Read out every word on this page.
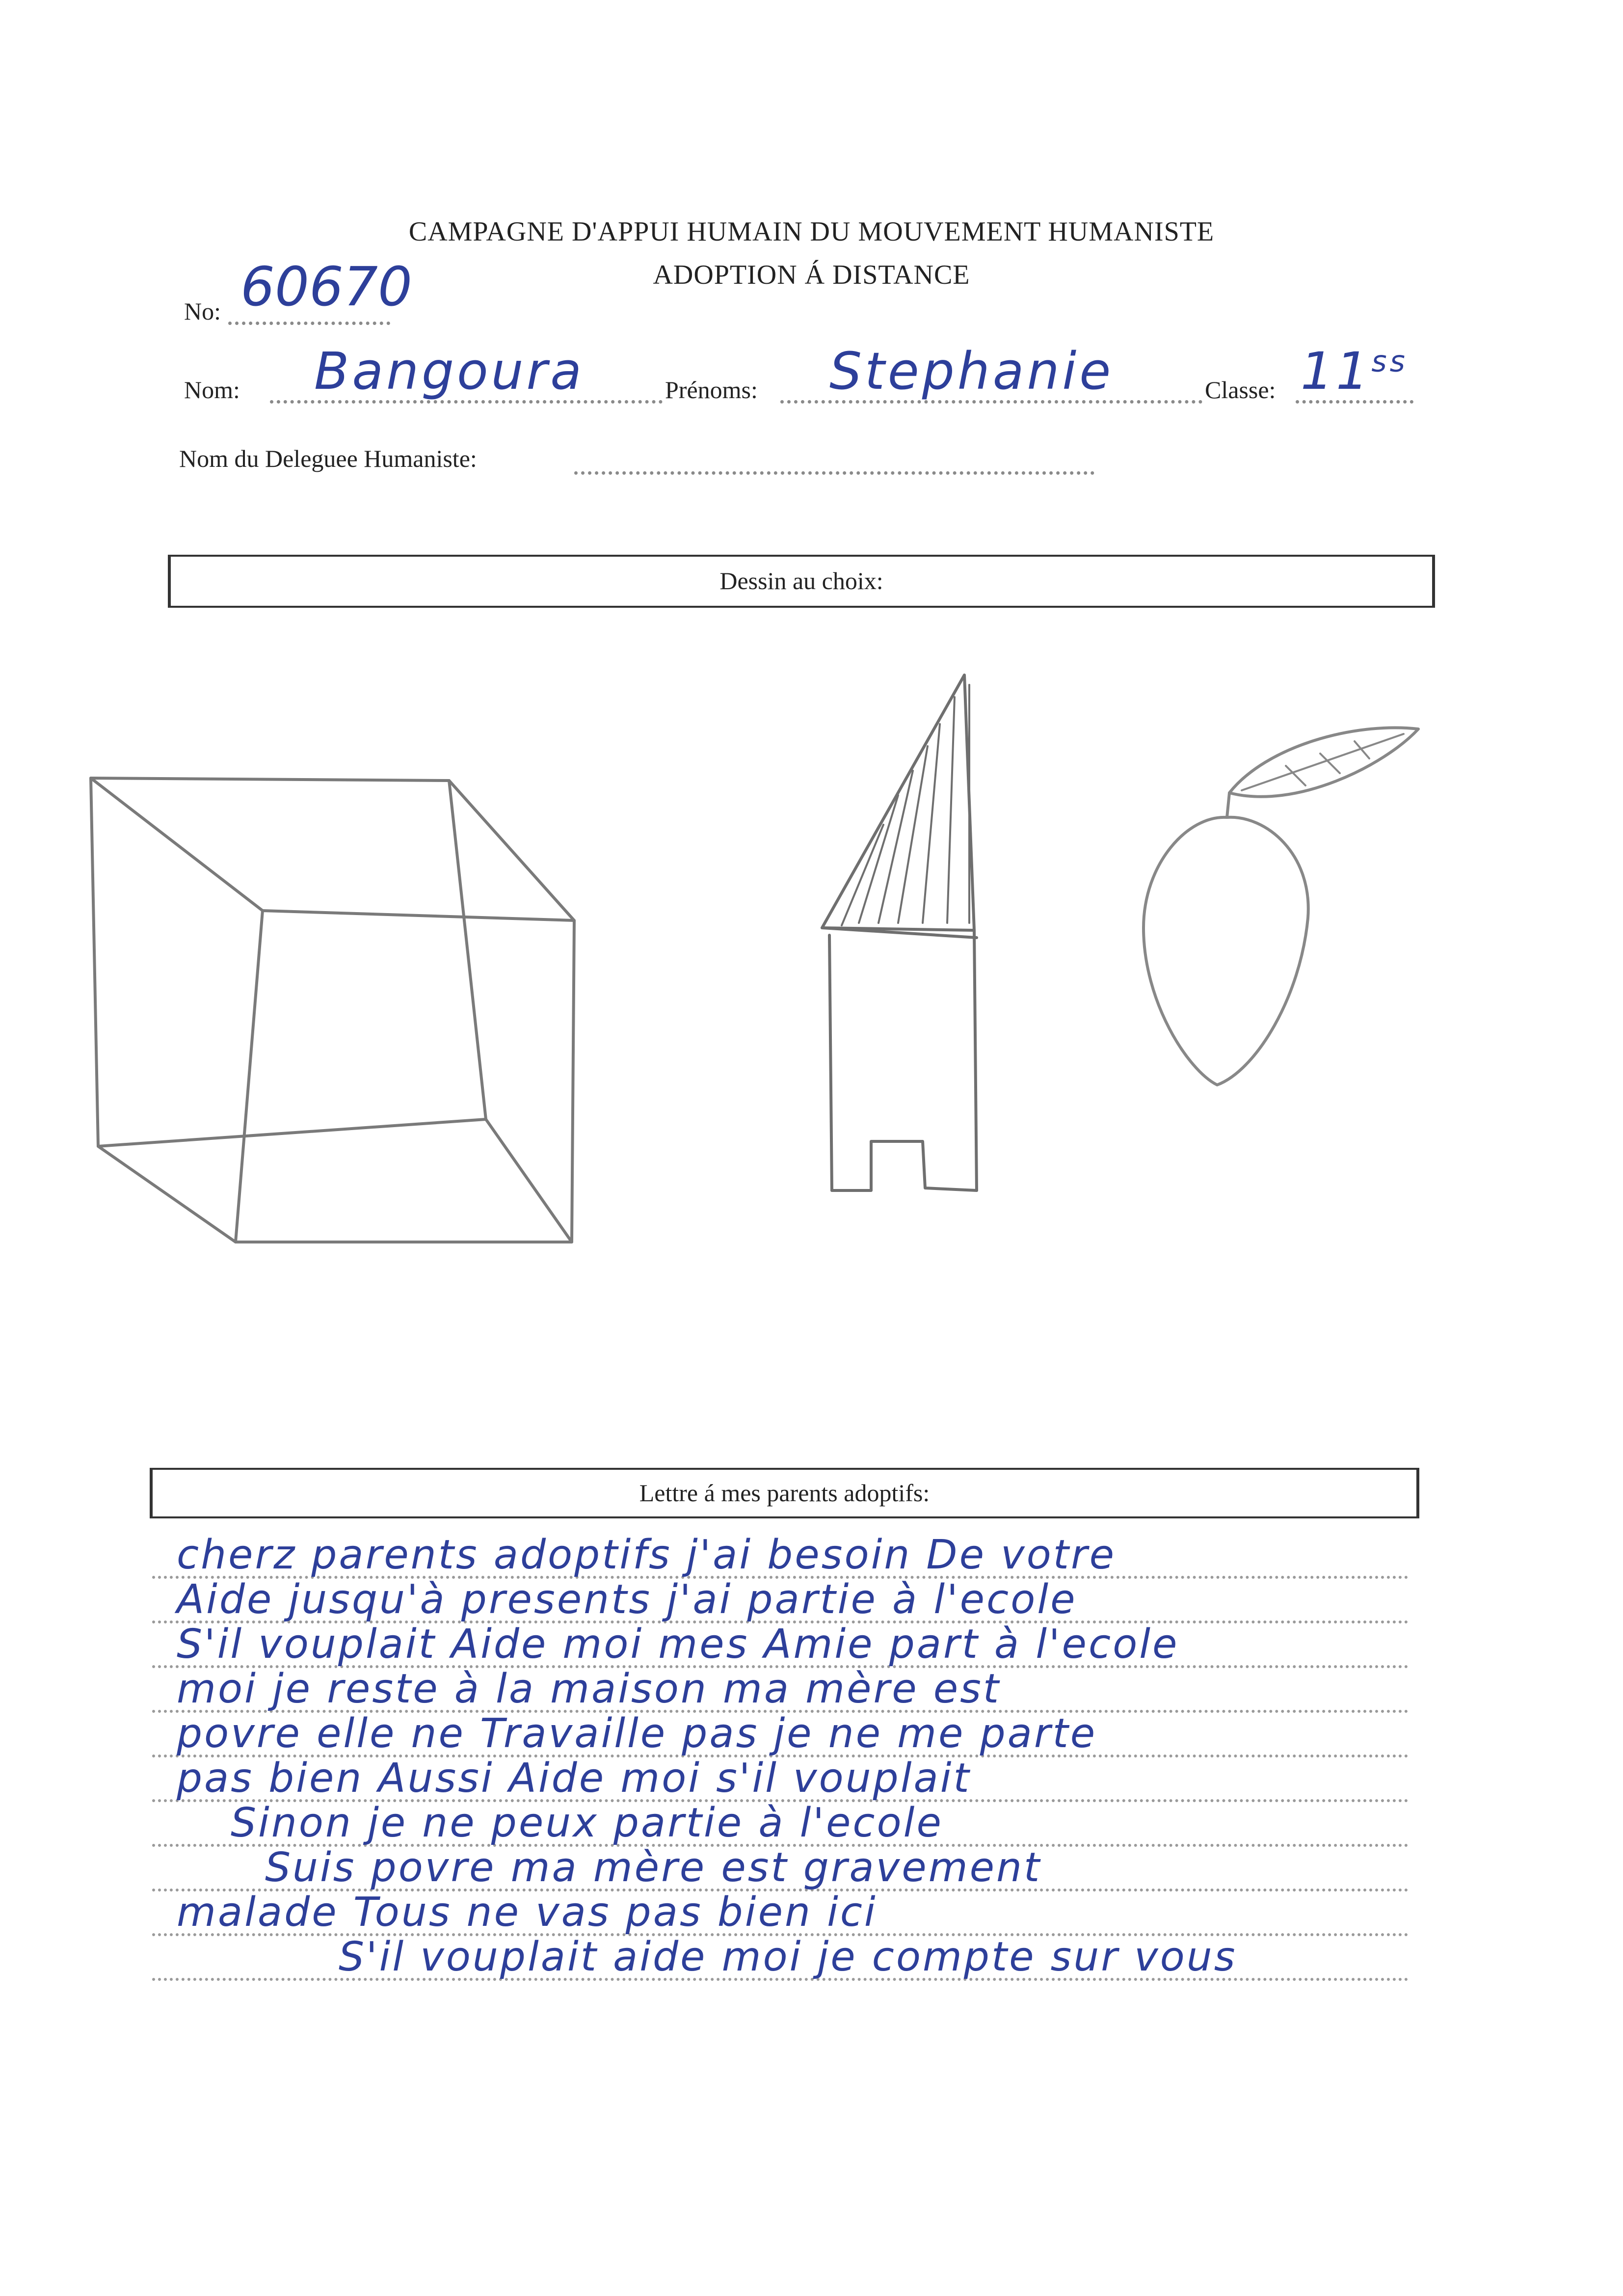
CAMPAGNE D'APPUI HUMAIN DU MOUVEMENT HUMANISTE
ADOPTION Á DISTANCE
No: 60670
Nom: Bangoura	Prénoms: Stephanie	Classe: $11^{ss}$
Nom du Deleguee Humaniste:
Dessin au choix:
Lettre á mes parents adoptifs:
cherz parents adoptifs j'ai besoin De votre
Aide jusqu'à presents j'ai partie à l'ecole
S'il vouplait Aide moi mes Amie part à l'ecole
moi je reste à la maison ma mère est
povre elle ne Travaille pas je ne me parte
pas bien Aussi Aide moi s'il vouplait
Sinon je ne peux partie à l'ecole
Suis povre ma mère est gravement
malade Tous ne vas pas bien ici
S'il vouplait aide moi je compte sur vous
